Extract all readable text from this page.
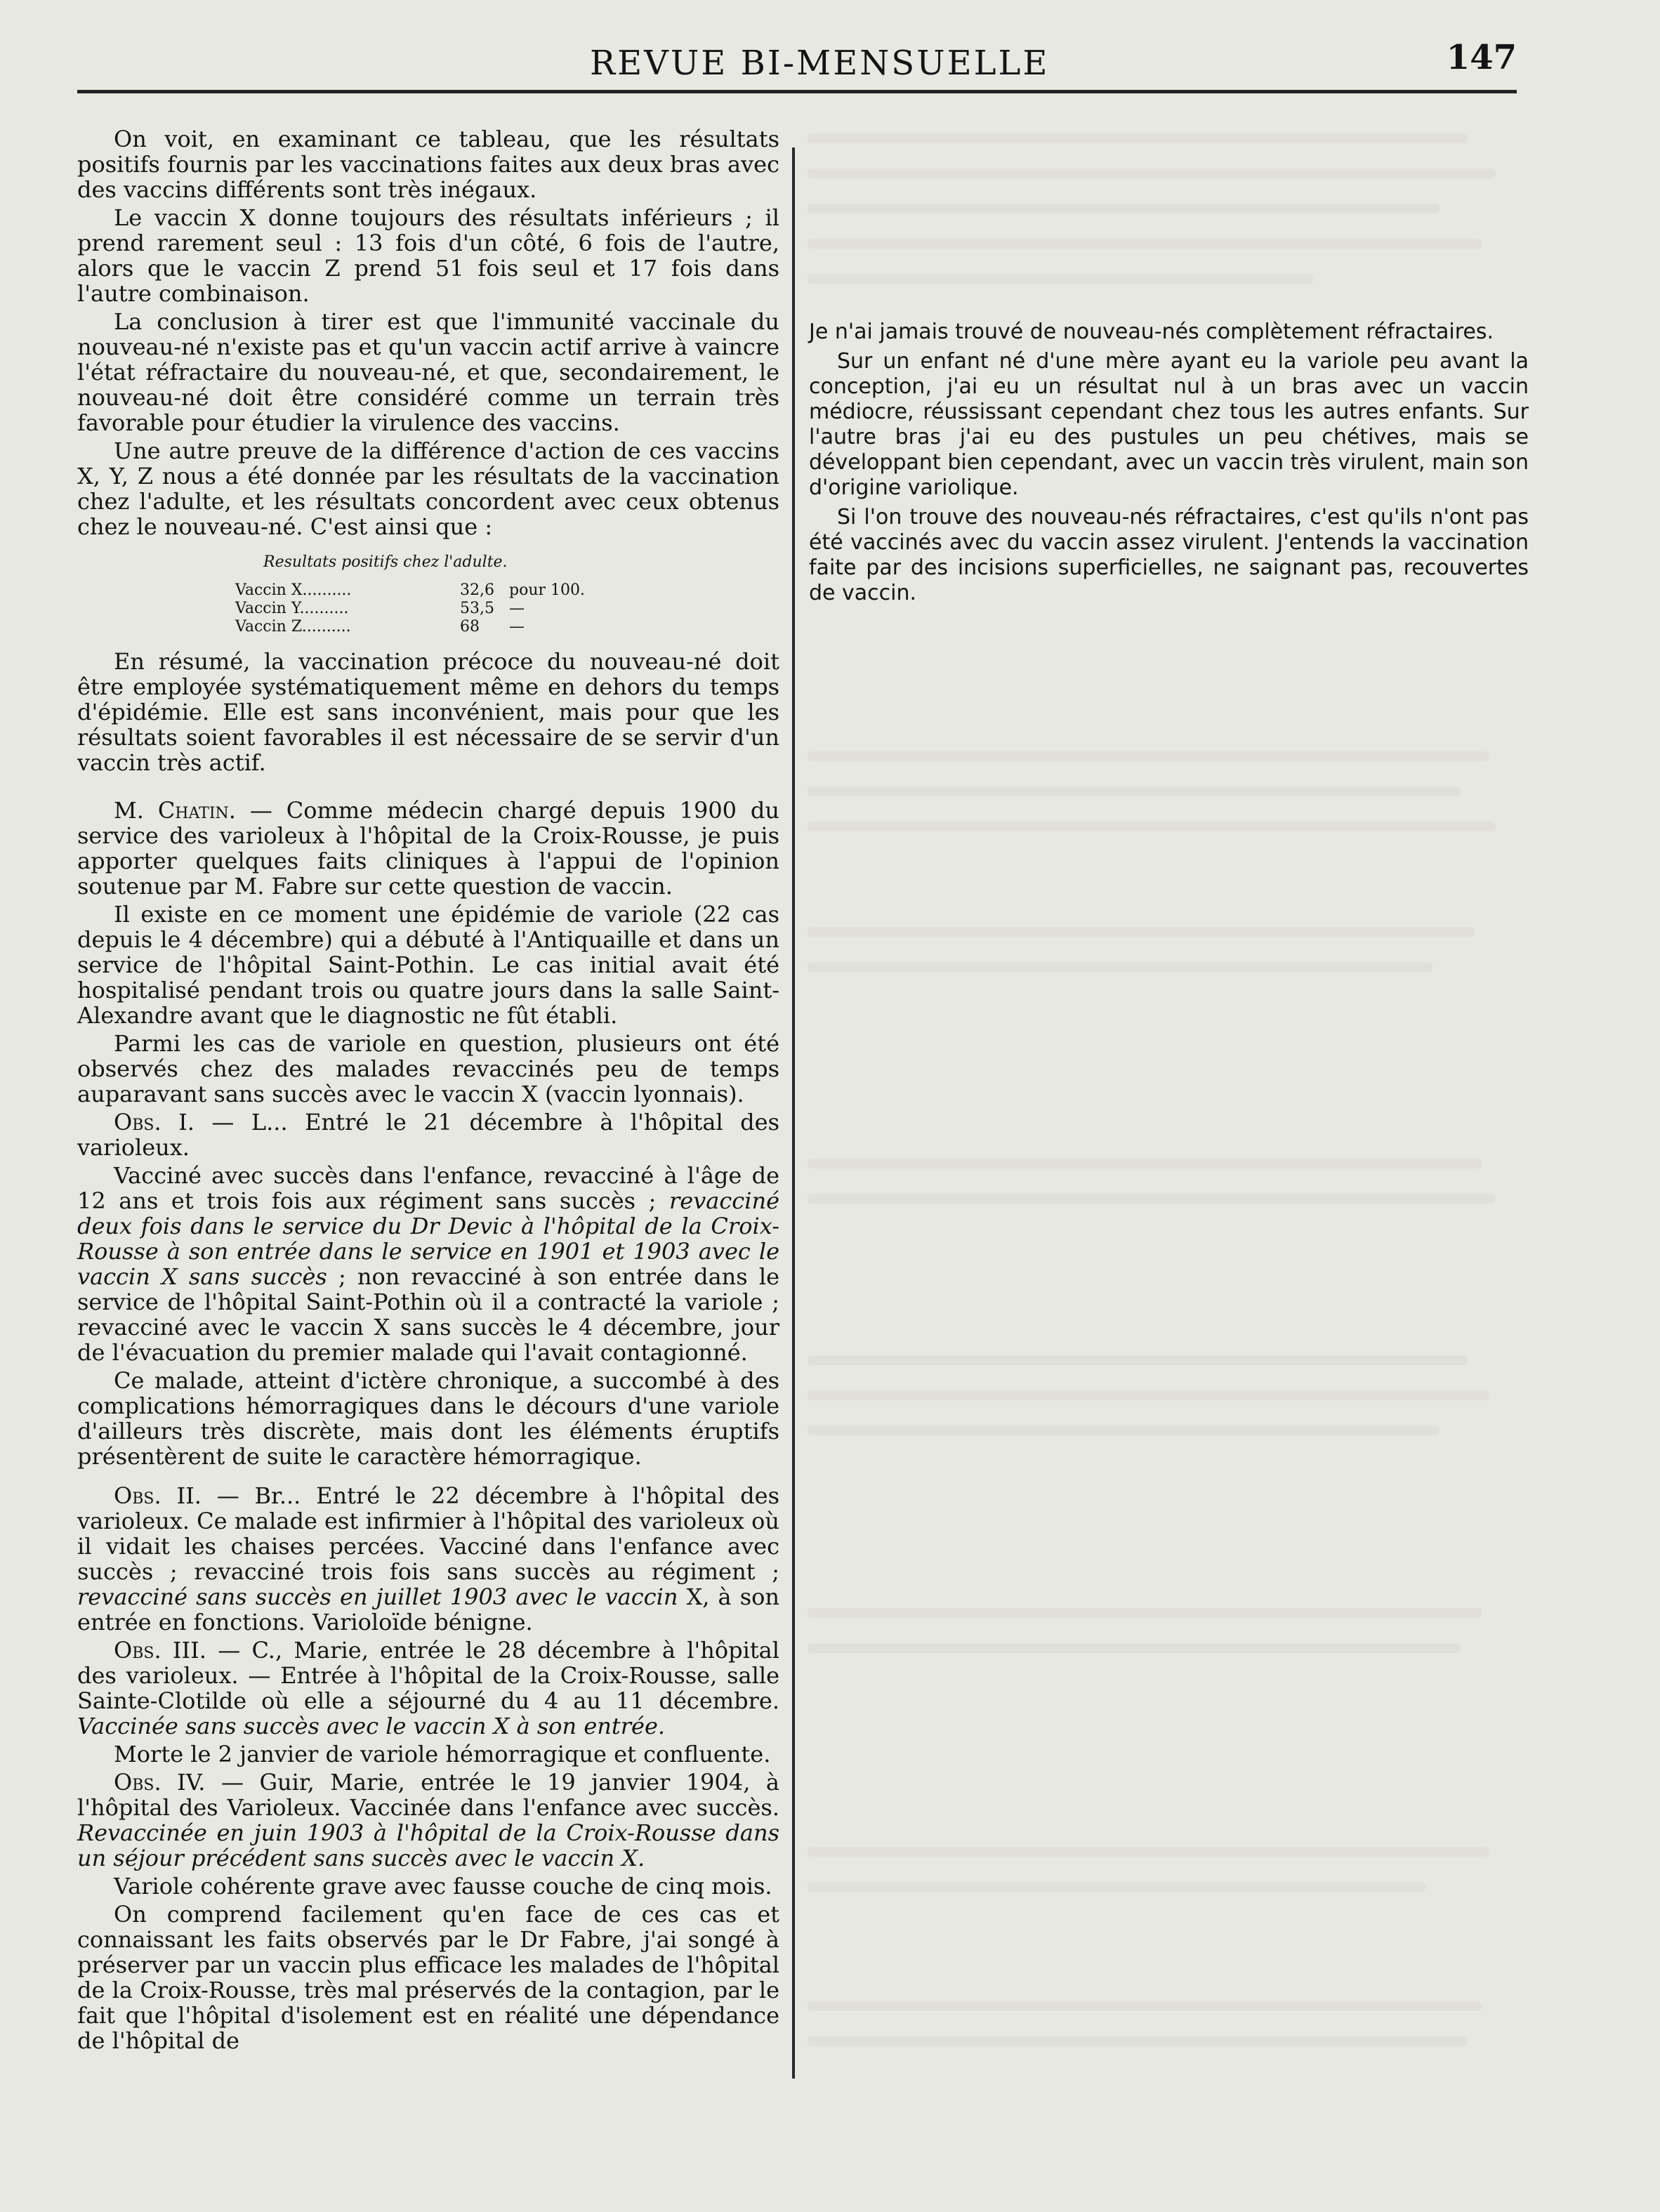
REVUE BI-MENSUELLE	147

On voit, en examinant ce tableau, que les résultats positifs fournis par les vaccinations faites aux deux bras avec des vaccins différents sont très inégaux.

Le vaccin X donne toujours des résultats inférieurs ; il prend rarement seul : 13 fois d'un côté, 6 fois de l'autre, alors que le vaccin Z prend 51 fois seul et 17 fois dans l'autre combinaison.

La conclusion à tirer est que l'immunité vaccinale du nouveau-né n'existe pas et qu'un vaccin actif arrive à vaincre l'état réfractaire du nouveau-né, et que, secondairement, le nouveau-né doit être considéré comme un terrain très favorable pour étudier la virulence des vaccins.

Une autre preuve de la différence d'action de ces vaccins X, Y, Z nous a été donnée par les résultats de la vaccination chez l'adulte, et les résultats concordent avec ceux obtenus chez le nouveau-né. C'est ainsi que :

Resultats positifs chez l'adulte.
Vaccin X..........	32,6 pour 100.
Vaccin Y..........	53,5 —
Vaccin Z..........	68	—

En résumé, la vaccination précoce du nouveau-né doit être employée systématiquement même en dehors du temps d'épidémie. Elle est sans inconvénient, mais pour que les résultats soient favorables il est nécessaire de se servir d'un vaccin très actif.

M. Chatin. — Comme médecin chargé depuis 1900 du service des varioleux à l'hôpital de la Croix-Rousse, je puis apporter quelques faits cliniques à l'appui de l'opinion soutenue par M. Fabre sur cette question de vaccin.

Il existe en ce moment une épidémie de variole (22 cas depuis le 4 décembre) qui a débuté à l'Antiquaille et dans un service de l'hôpital Saint-Pothin. Le cas initial avait été hospitalisé pendant trois ou quatre jours dans la salle Saint-Alexandre avant que le diagnostic ne fût établi.

Parmi les cas de variole en question, plusieurs ont été observés chez des malades revaccinés peu de temps auparavant sans succès avec le vaccin X (vaccin lyonnais).

Obs. I. — L... Entré le 21 décembre à l'hôpital des varioleux.

Vacciné avec succès dans l'enfance, revacciné à l'âge de 12 ans et trois fois aux régiment sans succès ; revacciné deux fois dans le service du Dr Devic à l'hôpital de la Croix-Rousse à son entrée dans le service en 1901 et 1903 avec le vaccin X sans succès ; non revacciné à son entrée dans le service de l'hôpital Saint-Pothin où il a contracté la variole ; revacciné avec le vaccin X sans succès le 4 décembre, jour de l'évacuation du premier malade qui l'avait contagionné.

Ce malade, atteint d'ictère chronique, a succombé à des complications hémorragiques dans le décours d'une variole d'ailleurs très discrète, mais dont les éléments éruptifs présentèrent de suite le caractère hémorragique.

Obs. II. — Br... Entré le 22 décembre à l'hôpital des varioleux. Ce malade est infirmier à l'hôpital des varioleux où il vidait les chaises percées. Vacciné dans l'enfance avec succès ; revacciné trois fois sans succès au régiment ; revacciné sans succès en juillet 1903 avec le vaccin X, à son entrée en fonctions. Varioloïde bénigne.

Obs. III. — C., Marie, entrée le 28 décembre à l'hôpital des varioleux. — Entrée à l'hôpital de la Croix-Rousse, salle Sainte-Clotilde où elle a séjourné du 4 au 11 décembre. Vaccinée sans succès avec le vaccin X à son entrée.

Morte le 2 janvier de variole hémorragique et confluente.

Obs. IV. — Guir, Marie, entrée le 19 janvier 1904, à l'hôpital des Varioleux. Vaccinée dans l'enfance avec succès. Revaccinée en juin 1903 à l'hôpital de la Croix-Rousse dans un séjour précédent sans succès avec le vaccin X.

Variole cohérente grave avec fausse couche de cinq mois.

On comprend facilement qu'en face de ces cas et connaissant les faits observés par le Dr Fabre, j'ai songé à préserver par un vaccin plus efficace les malades de l'hôpital de la Croix-Rousse, très mal préservés de la contagion, par le fait que l'hôpital d'isolement est en réalité une dépendance de l'hôpital de

Je n'ai jamais trouvé de nouveau-nés complètement réfractaires.

Sur un enfant né d'une mère ayant eu la variole peu avant la conception, j'ai eu un résultat nul à un bras avec un vaccin médiocre, réussissant cependant chez tous les autres enfants. Sur l'autre bras j'ai eu des pustules un peu chétives, mais se développant bien cependant, avec un vaccin très virulent, main son d'origine variolique.

Si l'on trouve des nouveau-nés réfractaires, c'est qu'ils n'ont pas été vaccinés avec du vaccin assez virulent. J'entends la vaccination faite par des incisions superficielles, ne saignant pas, recouvertes de vaccin.
